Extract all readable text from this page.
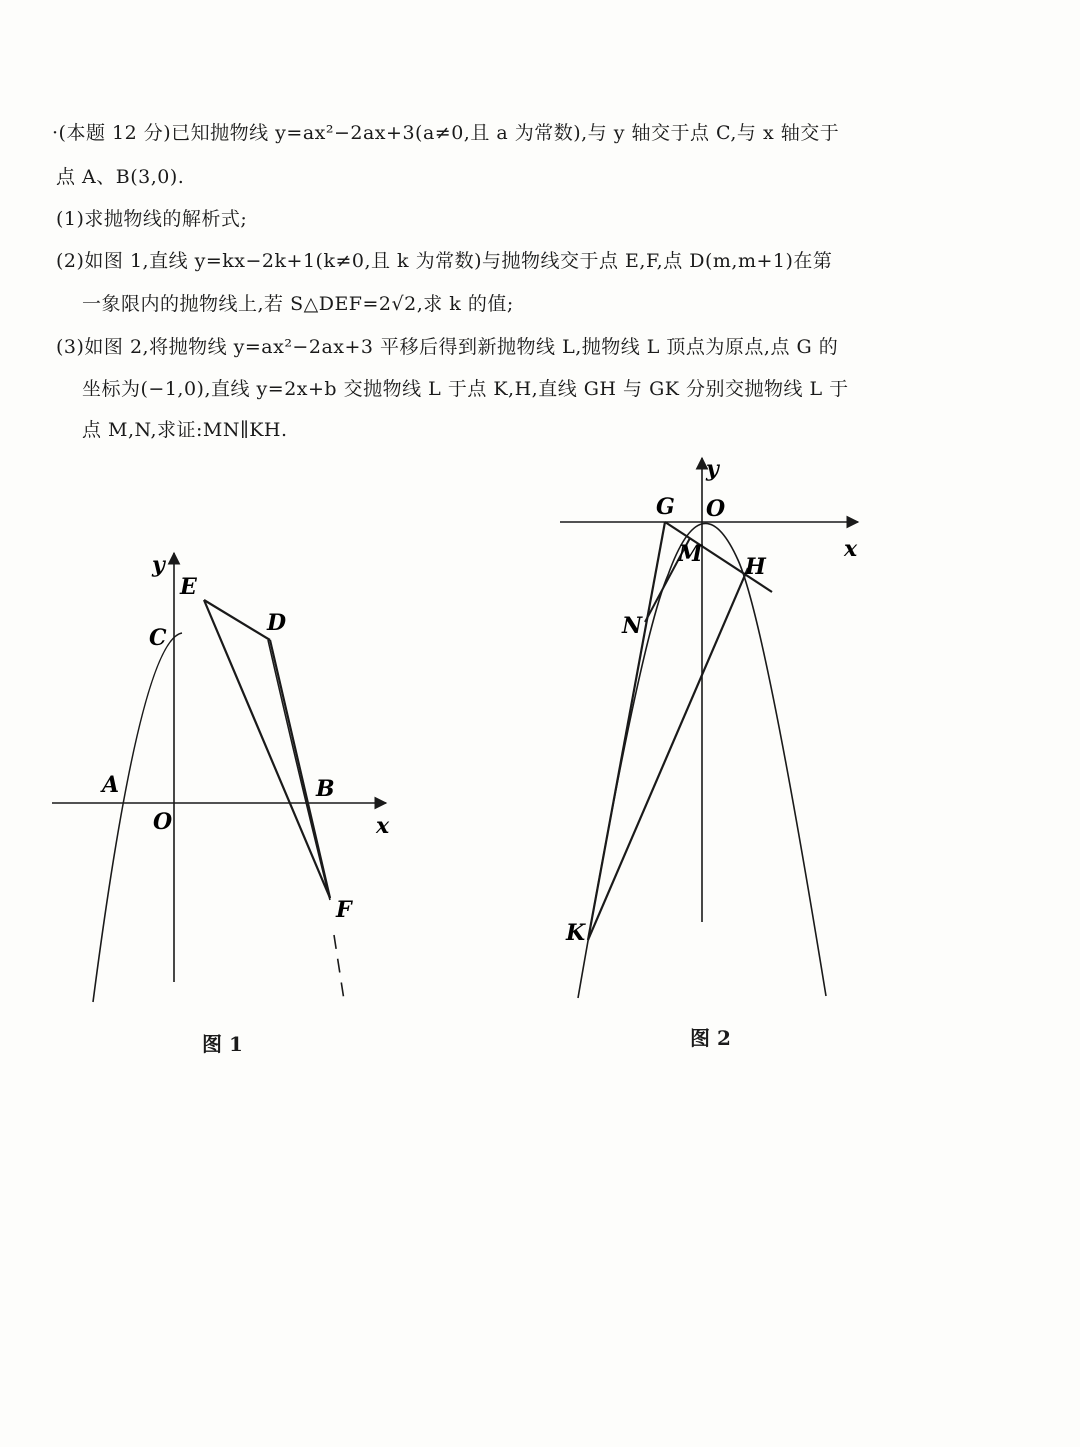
·(本题 12 分)已知抛物线 y=ax²−2ax+3(a≠0,且 a 为常数),与 y 轴交于点 C,与 x 轴交于
点 A、B(3,0).
(1)求抛物线的解析式;
(2)如图 1,直线 y=kx−2k+1(k≠0,且 k 为常数)与抛物线交于点 E,F,点 D(m,m+1)在第
一象限内的抛物线上,若 S△DEF=2√2,求 k 的值;
(3)如图 2,将抛物线 y=ax²−2ax+3 平移后得到新抛物线 L,抛物线 L 顶点为原点,点 G 的
坐标为(−1,0),直线 y=2x+b 交抛物线 L 于点 K,H,直线 GH 与 GK 分别交抛物线 L 于
点 M,N,求证:MN∥KH.
y
E
C
D
A	B
O	x
F
y
G O
x
M H
N
K
图 1	图 2
